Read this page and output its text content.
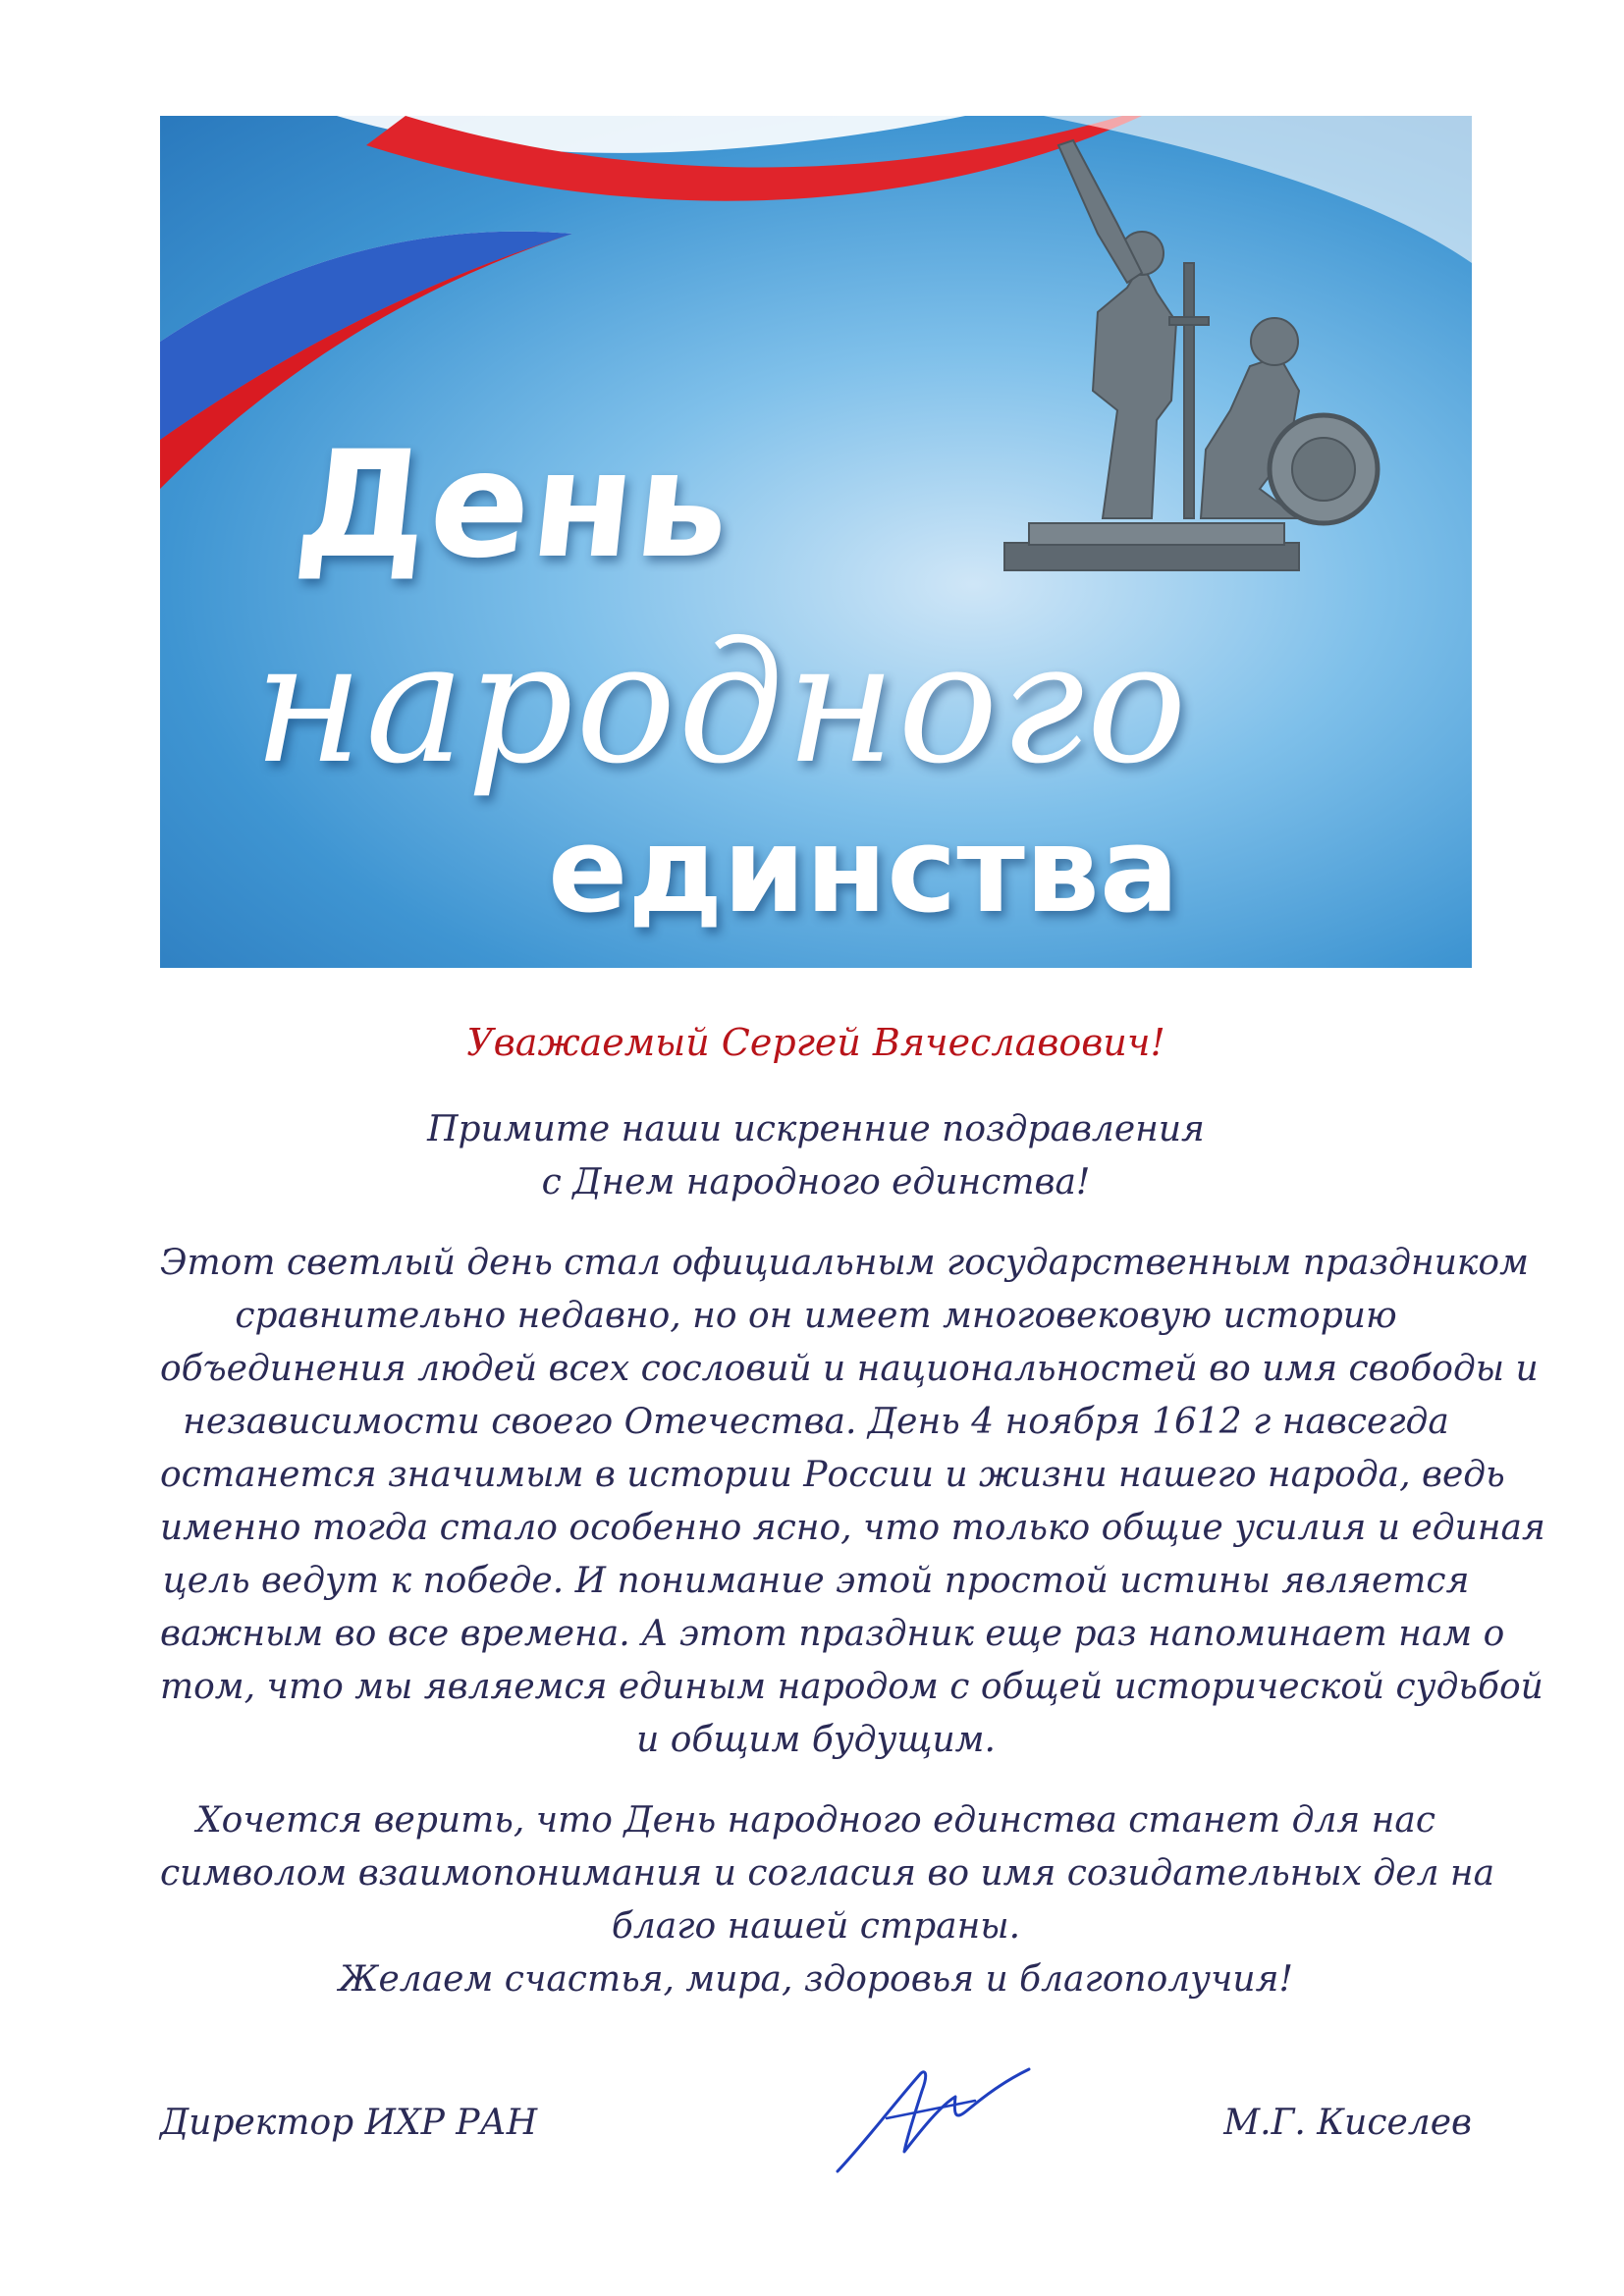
День
народного
единства
Уважаемый Сергей Вячеславович!
Примите наши искренние поздравления
с Днем народного единства!
Этот светлый день стал официальным государственным праздником
сравнительно недавно, но он имеет многовековую историю
объединения людей всех сословий и национальностей во имя свободы и
независимости своего Отечества. День 4 ноября 1612 г навсегда
останется значимым в истории России и жизни нашего народа, ведь
именно тогда стало особенно ясно, что только общие усилия и единая
цель ведут к победе. И понимание этой простой истины является
важным во все времена. А этот праздник еще раз напоминает нам о
том, что мы являемся единым народом с общей исторической судьбой
и общим будущим.
Хочется верить, что День народного единства станет для нас
символом взаимопонимания и согласия во имя созидательных дел на
благо нашей страны.
Желаем счастья, мира, здоровья и благополучия!
Директор ИХР РАН	М.Г. Киселев
